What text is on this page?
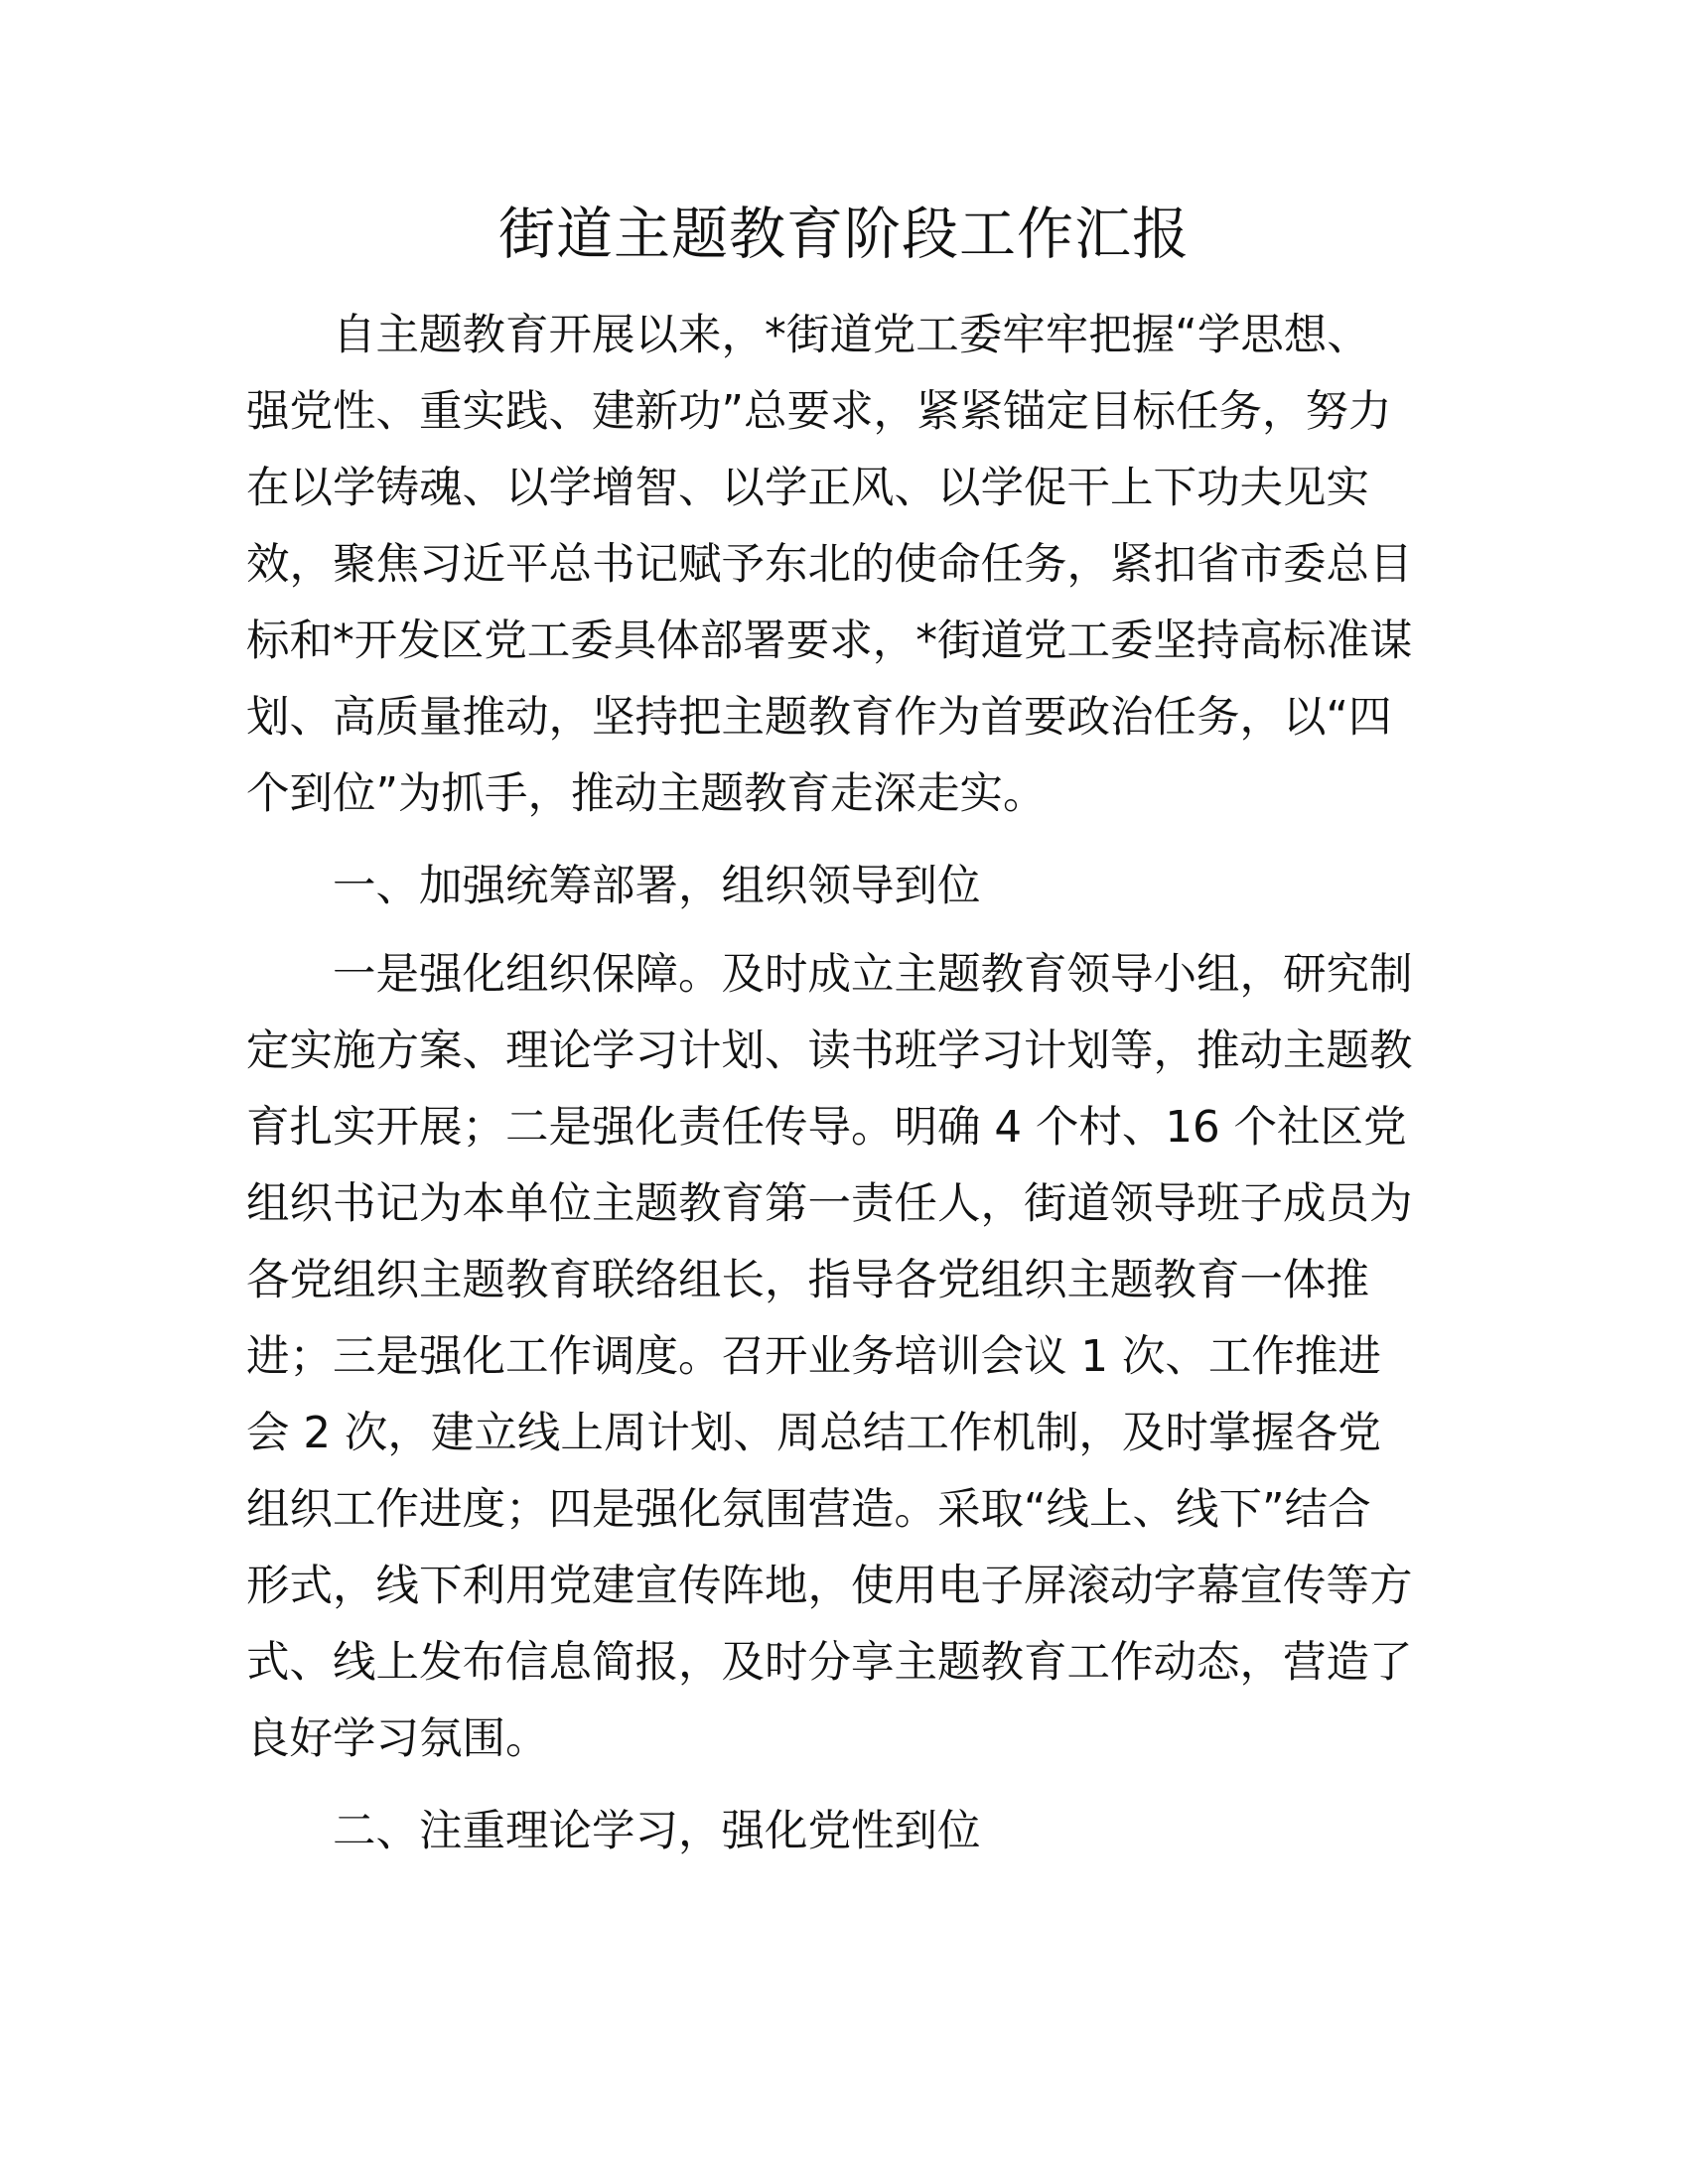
街道主题教育阶段工作汇报

自主题教育开展以来，*街道党工委牢牢把握“学思想、
强党性、重实践、建新功”总要求，紧紧锚定目标任务，努力
在以学铸魂、以学增智、以学正风、以学促干上下功夫见实
效，聚焦习近平总书记赋予东北的使命任务，紧扣省市委总目
标和*开发区党工委具体部署要求，*街道党工委坚持高标准谋
划、高质量推动，坚持把主题教育作为首要政治任务，以“四
个到位”为抓手，推动主题教育走深走实。

一、加强统筹部署，组织领导到位

一是强化组织保障。及时成立主题教育领导小组，研究制
定实施方案、理论学习计划、读书班学习计划等，推动主题教
育扎实开展；二是强化责任传导。明确 4 个村、16 个社区党
组织书记为本单位主题教育第一责任人，街道领导班子成员为
各党组织主题教育联络组长，指导各党组织主题教育一体推
进；三是强化工作调度。召开业务培训会议 1 次、工作推进
会 2 次，建立线上周计划、周总结工作机制，及时掌握各党
组织工作进度；四是强化氛围营造。采取“线上、线下”结合
形式，线下利用党建宣传阵地，使用电子屏滚动字幕宣传等方
式、线上发布信息简报，及时分享主题教育工作动态，营造了
良好学习氛围。

二、注重理论学习，强化党性到位
